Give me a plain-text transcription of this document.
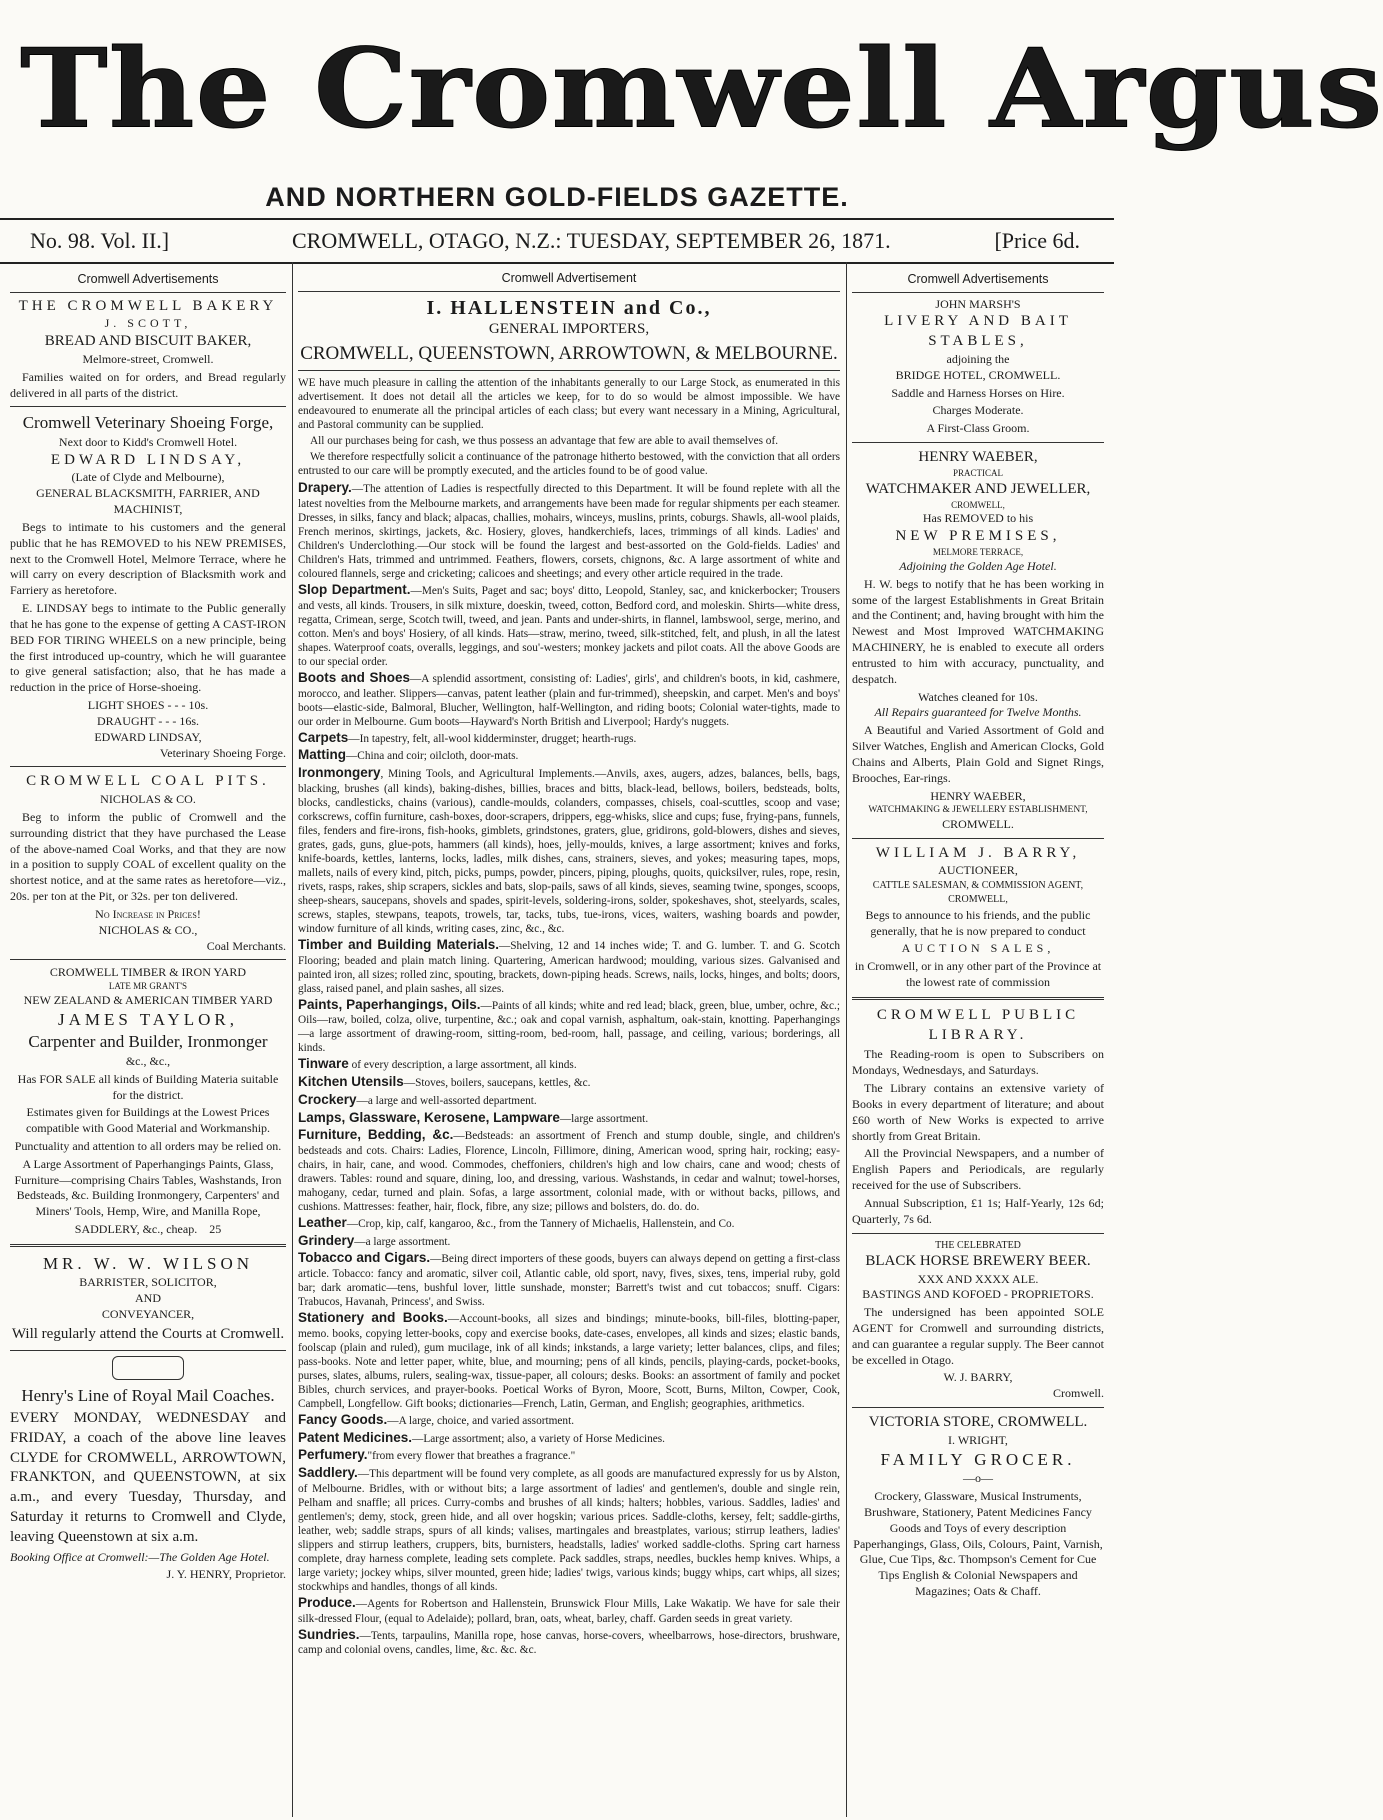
The Cromwell Argus
AND NORTHERN GOLD-FIELDS GAZETTE.
No. 98. Vol. II.]	CROMWELL, OTAGO, N.Z.: TUESDAY, SEPTEMBER 26, 1871.	[Price 6d.
Cromwell Advertisements
THE CROMWELL BAKERY
J. SCOTT,
BREAD AND BISCUIT BAKER,
Melmore-street, Cromwell.

Families waited on for orders, and Bread regularly delivered in all parts of the district.

Cromwell Veterinary Shoeing Forge,
Next door to Kidd's Cromwell Hotel.
EDWARD LINDSAY,
(Late of Clyde and Melbourne),
GENERAL BLACKSMITH, FARRIER, AND MACHINIST,

Begs to intimate to his customers and the general public that he has REMOVED to his NEW PREMISES, next to the Cromwell Hotel, Melmore Terrace, where he will carry on every description of Blacksmith work and Farriery as heretofore.

E. LINDSAY begs to intimate to the Public generally that he has gone to the expense of getting A CAST-IRON BED FOR TIRING WHEELS on a new principle, being the first introduced up-country, which he will guarantee to give general satisfaction; also, that he has made a reduction in the price of Horse-shoeing.

LIGHT SHOES - - - 10s.
DRAUGHT - - - 16s.
EDWARD LINDSAY,
Veterinary Shoeing Forge.
CROMWELL COAL PITS.
NICHOLAS & CO.

Beg to inform the public of Cromwell and the surrounding district that they have purchased the Lease of the above-named Coal Works, and that they are now in a position to supply COAL of excellent quality on the shortest notice, and at the same rates as heretofore—viz., 20s. per ton at the Pit, or 32s. per ton delivered.

No Increase in Prices!
NICHOLAS & CO.,
Coal Merchants.
CROMWELL TIMBER & IRON YARD
LATE MR GRANT'S
NEW ZEALAND & AMERICAN TIMBER YARD
JAMES TAYLOR,
Carpenter and Builder, Ironmonger
&c., &c.,

Has FOR SALE all kinds of Building Materia suitable for the district.

Estimates given for Buildings at the Lowest Prices compatible with Good Material and Workmanship.

Punctuality and attention to all orders may be relied on.

A Large Assortment of Paperhangings Paints, Glass, Furniture—comprising Chairs Tables, Washstands, Iron Bedsteads, &c. Building Ironmongery, Carpenters' and Miners' Tools, Hemp, Wire, and Manilla Rope,

SADDLERY, &c., cheap. 25
MR. W. W. WILSON
BARRISTER, SOLICITOR,
AND
CONVEYANCER,

Will regularly attend the Courts at Cromwell.

Henry's Line of Royal Mail Coaches.

EVERY MONDAY, WEDNESDAY and FRIDAY, a coach of the above line leaves CLYDE for CROMWELL, ARROWTOWN, FRANKTON, and QUEENSTOWN, at six a.m., and every Tuesday, Thursday, and Saturday it returns to Cromwell and Clyde, leaving Queenstown at six a.m.

Booking Office at Cromwell:—The Golden Age Hotel.

J. Y. HENRY, Proprietor.
Cromwell Advertisement
I. HALLENSTEIN and Co.,
GENERAL IMPORTERS,
CROMWELL, QUEENSTOWN, ARROWTOWN, & MELBOURNE.

WE have much pleasure in calling the attention of the inhabitants generally to our Large Stock, as enumerated in this advertisement. It does not detail all the articles we keep, for to do so would be almost impossible. We have endeavoured to enumerate all the principal articles of each class; but every want necessary in a Mining, Agricultural, and Pastoral community can be supplied.

All our purchases being for cash, we thus possess an advantage that few are able to avail themselves of.

We therefore respectfully solicit a continuance of the patronage hitherto bestowed, with the conviction that all orders entrusted to our care will be promptly executed, and the articles found to be of good value.

Drapery.—The attention of Ladies is respectfully directed to this Department. It will be found replete with all the latest novelties from the Melbourne markets, and arrangements have been made for regular shipments per each steamer. Dresses, in silks, fancy and black; alpacas, challies, mohairs, winceys, muslins, prints, coburgs. Shawls, all-wool plaids, French merinos, skirtings, jackets, &c. Hosiery, gloves, handkerchiefs, laces, trimmings of all kinds. Ladies' and Children's Underclothing.—Our stock will be found the largest and best-assorted on the Gold-fields. Ladies' and Children's Hats, trimmed and untrimmed. Feathers, flowers, corsets, chignons, &c. A large assortment of white and coloured flannels, serge and cricketing; calicoes and sheetings; and every other article required in the trade.

Slop Department.—Men's Suits, Paget and sac; boys' ditto, Leopold, Stanley, sac, and knickerbocker; Trousers and vests, all kinds. Trousers, in silk mixture, doeskin, tweed, cotton, Bedford cord, and moleskin. Shirts—white dress, regatta, Crimean, serge, Scotch twill, tweed, and jean. Pants and under-shirts, in flannel, lambswool, serge, merino, and cotton. Men's and boys' Hosiery, of all kinds. Hats—straw, merino, tweed, silk-stitched, felt, and plush, in all the latest shapes. Waterproof coats, overalls, leggings, and sou'-westers; monkey jackets and pilot coats. All the above Goods are to our special order.

Boots and Shoes—A splendid assortment, consisting of: Ladies', girls', and children's boots, in kid, cashmere, morocco, and leather. Slippers—canvas, patent leather (plain and fur-trimmed), sheepskin, and carpet. Men's and boys' boots—elastic-side, Balmoral, Blucher, Wellington, half-Wellington, and riding boots; Colonial water-tights, made to our order in Melbourne. Gum boots—Hayward's North British and Liverpool; Hardy's nuggets.

Carpets—In tapestry, felt, all-wool kidderminster, drugget; hearth-rugs.

Matting—China and coir; oilcloth, door-mats.

Ironmongery, Mining Tools, and Agricultural Implements.—Anvils, axes, augers, adzes, balances, bells, bags, blacking, brushes (all kinds), baking-dishes, billies, braces and bitts, black-lead, bellows, boilers, bedsteads, bolts, blocks, candlesticks, chains (various), candle-moulds, colanders, compasses, chisels, coal-scuttles, scoop and vase; corkscrews, coffin furniture, cash-boxes, door-scrapers, drippers, egg-whisks, slice and cups; fuse, frying-pans, funnels, files, fenders and fire-irons, fish-hooks, gimblets, grindstones, graters, glue, gridirons, gold-blowers, dishes and sieves, grates, gads, guns, glue-pots, hammers (all kinds), hoes, jelly-moulds, knives, a large assortment; knives and forks, knife-boards, kettles, lanterns, locks, ladles, milk dishes, cans, strainers, sieves, and yokes; measuring tapes, mops, mallets, nails of every kind, pitch, picks, pumps, powder, pincers, piping, ploughs, quoits, quicksilver, rules, rope, resin, rivets, rasps, rakes, ship scrapers, sickles and bats, slop-pails, saws of all kinds, sieves, seaming twine, sponges, scoops, sheep-shears, saucepans, shovels and spades, spirit-levels, soldering-irons, solder, spokeshaves, shot, steelyards, scales, screws, staples, stewpans, teapots, trowels, tar, tacks, tubs, tue-irons, vices, waiters, washing boards and powder, window furniture of all kinds, writing cases, zinc, &c., &c.

Timber and Building Materials.—Shelving, 12 and 14 inches wide; T. and G. lumber. T. and G. Scotch Flooring; beaded and plain match lining. Quartering, American hardwood; moulding, various sizes. Galvanised and painted iron, all sizes; rolled zinc, spouting, brackets, down-piping heads. Screws, nails, locks, hinges, and bolts; doors, glass, raised panel, and plain sashes, all sizes.

Paints, Paperhangings, Oils.—Paints of all kinds; white and red lead; black, green, blue, umber, ochre, &c.; Oils—raw, boiled, colza, olive, turpentine, &c.; oak and copal varnish, asphaltum, oak-stain, knotting. Paperhangings—a large assortment of drawing-room, sitting-room, bed-room, hall, passage, and ceiling, various; borderings, all kinds.

Tinware of every description, a large assortment, all kinds.

Kitchen Utensils—Stoves, boilers, saucepans, kettles, &c.

Crockery—a large and well-assorted department.

Lamps, Glassware, Kerosene, Lampware—large assortment.

Furniture, Bedding, &c.—Bedsteads: an assortment of French and stump double, single, and children's bedsteads and cots. Chairs: Ladies, Florence, Lincoln, Fillimore, dining, American wood, spring hair, rocking; easy-chairs, in hair, cane, and wood. Commodes, cheffoniers, children's high and low chairs, cane and wood; chests of drawers. Tables: round and square, dining, loo, and dressing, various. Washstands, in cedar and walnut; towel-horses, mahogany, cedar, turned and plain. Sofas, a large assortment, colonial made, with or without backs, pillows, and cushions. Mattresses: feather, hair, flock, fibre, any size; pillows and bolsters, do. do. do.

Leather—Crop, kip, calf, kangaroo, &c., from the Tannery of Michaelis, Hallenstein, and Co.

Grindery—a large assortment.

Tobacco and Cigars.—Being direct importers of these goods, buyers can always depend on getting a first-class article. Tobacco: fancy and aromatic, silver coil, Atlantic cable, old sport, navy, fives, sixes, tens, imperial ruby, gold bar; dark aromatic—tens, bushful lover, little sunshade, monster; Barrett's twist and cut tobaccos; snuff. Cigars: Trabucos, Havanah, Princess', and Swiss.

Stationery and Books.—Account-books, all sizes and bindings; minute-books, bill-files, blotting-paper, memo. books, copying letter-books, copy and exercise books, date-cases, envelopes, all kinds and sizes; elastic bands, foolscap (plain and ruled), gum mucilage, ink of all kinds; inkstands, a large variety; letter balances, clips, and files; pass-books. Note and letter paper, white, blue, and mourning; pens of all kinds, pencils, playing-cards, pocket-books, purses, slates, albums, rulers, sealing-wax, tissue-paper, all colours; desks. Books: an assortment of family and pocket Bibles, church services, and prayer-books. Poetical Works of Byron, Moore, Scott, Burns, Milton, Cowper, Cook, Campbell, Longfellow. Gift books; dictionaries—French, Latin, German, and English; geographies, arithmetics.

Fancy Goods.—A large, choice, and varied assortment.

Patent Medicines.—Large assortment; also, a variety of Horse Medicines.

Perfumery."from every flower that breathes a fragrance."

Saddlery.—This department will be found very complete, as all goods are manufactured expressly for us by Alston, of Melbourne. Bridles, with or without bits; a large assortment of ladies' and gentlemen's, double and single rein, Pelham and snaffle; all prices. Curry-combs and brushes of all kinds; halters; hobbles, various. Saddles, ladies' and gentlemen's; demy, stock, green hide, and all over hogskin; various prices. Saddle-cloths, kersey, felt; saddle-girths, leather, web; saddle straps, spurs of all kinds; valises, martingales and breastplates, various; stirrup leathers, ladies' slippers and stirrup leathers, cruppers, bits, burnisters, headstalls, ladies' worked saddle-cloths. Spring cart harness complete, dray harness complete, leading sets complete. Pack saddles, straps, needles, buckles hemp knives. Whips, a large variety; jockey whips, silver mounted, green hide; ladies' twigs, various kinds; buggy whips, cart whips, all sizes; stockwhips and handles, thongs of all kinds.

Produce.—Agents for Robertson and Hallenstein, Brunswick Flour Mills, Lake Wakatip. We have for sale their silk-dressed Flour, (equal to Adelaide); pollard, bran, oats, wheat, barley, chaff. Garden seeds in great variety.

Sundries.—Tents, tarpaulins, Manilla rope, hose canvas, horse-covers, wheelbarrows, hose-directors, brushware, camp and colonial ovens, candles, lime, &c. &c. &c.

Cromwell Advertisements
JOHN MARSH'S
LIVERY AND BAIT STABLES,
adjoining the
BRIDGE HOTEL, CROMWELL.

Saddle and Harness Horses on Hire.

Charges Moderate.

A First-Class Groom.

HENRY WAEBER,
PRACTICAL
WATCHMAKER AND JEWELLER,
CROMWELL,
Has REMOVED to his
NEW PREMISES,
MELMORE TERRACE,
Adjoining the Golden Age Hotel.

H. W. begs to notify that he has been working in some of the largest Establishments in Great Britain and the Continent; and, having brought with him the Newest and Most Improved WATCHMAKING MACHINERY, he is enabled to execute all orders entrusted to him with accuracy, punctuality, and despatch.

Watches cleaned for 10s.
All Repairs guaranteed for Twelve Months.

A Beautiful and Varied Assortment of Gold and Silver Watches, English and American Clocks, Gold Chains and Alberts, Plain Gold and Signet Rings, Brooches, Ear-rings.

HENRY WAEBER,
WATCHMAKING & JEWELLERY ESTABLISHMENT,
CROMWELL.
WILLIAM J. BARRY,
AUCTIONEER,
CATTLE SALESMAN, & COMMISSION AGENT,
CROMWELL,

Begs to announce to his friends, and the public generally, that he is now prepared to conduct

AUCTION SALES,

in Cromwell, or in any other part of the Province at the lowest rate of commission

CROMWELL PUBLIC LIBRARY.

The Reading-room is open to Subscribers on Mondays, Wednesdays, and Saturdays.

The Library contains an extensive variety of Books in every department of literature; and about £60 worth of New Works is expected to arrive shortly from Great Britain.

All the Provincial Newspapers, and a number of English Papers and Periodicals, are regularly received for the use of Subscribers.

Annual Subscription, £1 1s; Half-Yearly, 12s 6d; Quarterly, 7s 6d.

THE CELEBRATED
BLACK HORSE BREWERY BEER.
XXX AND XXXX ALE.
BASTINGS AND KOFOED - PROPRIETORS.

The undersigned has been appointed SOLE AGENT for Cromwell and surrounding districts, and can guarantee a regular supply. The Beer cannot be excelled in Otago.

W. J. BARRY,
Cromwell.
VICTORIA STORE, CROMWELL.
I. WRIGHT,
FAMILY GROCER.
—o—

Crockery, Glassware, Musical Instruments, Brushware, Stationery, Patent Medicines Fancy Goods and Toys of every description Paperhangings, Glass, Oils, Colours, Paint, Varnish, Glue, Cue Tips, &c. Thompson's Cement for Cue Tips English & Colonial Newspapers and Magazines; Oats & Chaff.
